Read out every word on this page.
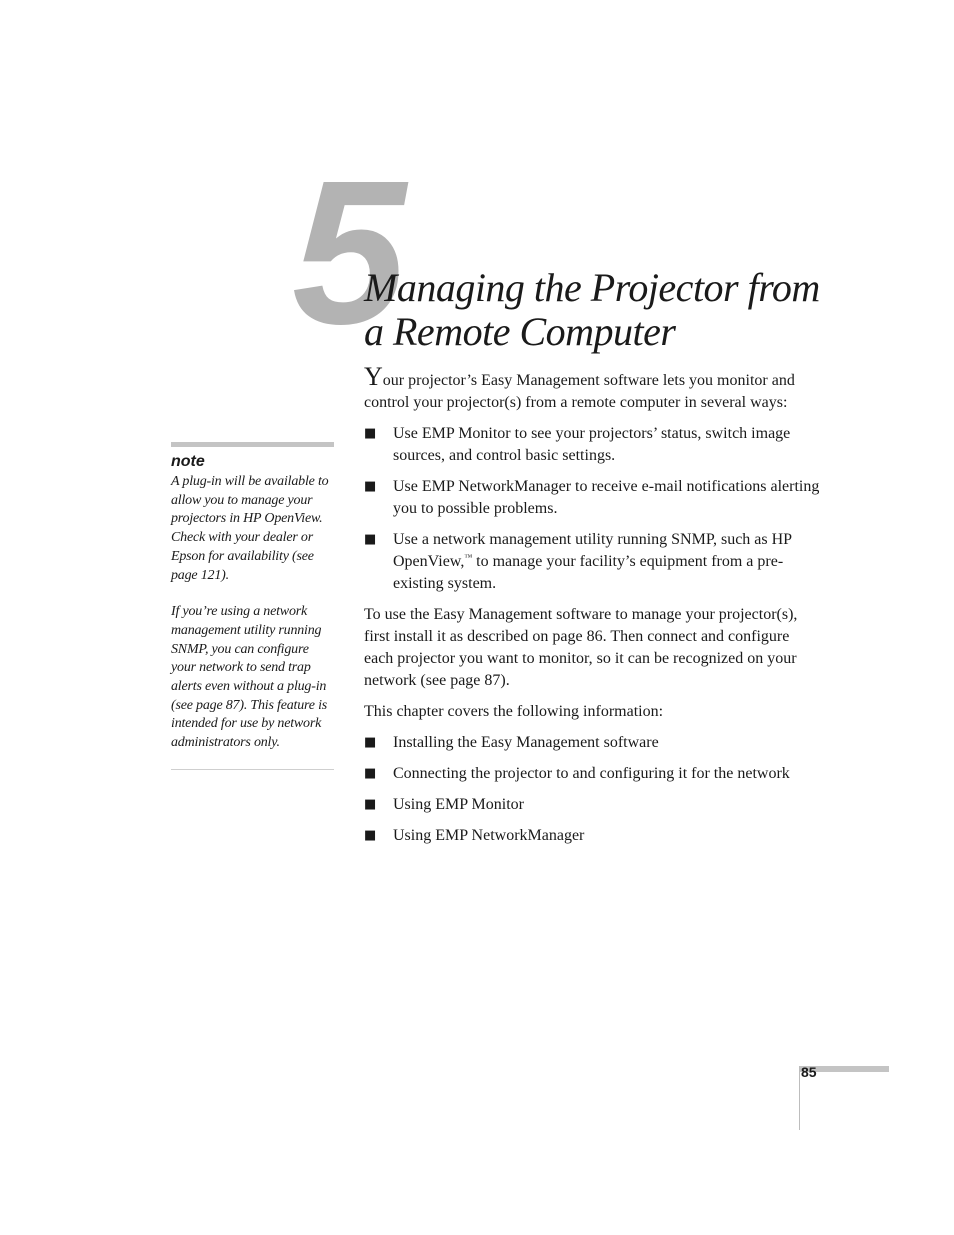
5
Managing the Projector from
a Remote Computer

note

A plug-in will be available to allow you to manage your projectors in HP OpenView. Check with your dealer or Epson for availability (see page 121).

If you’re using a network management utility running SNMP, you can configure your network to send trap alerts even without a plug-in (see page 87). This feature is intended for use by network administrators only.

Your projector’s Easy Management software lets you monitor and control your projector(s) from a remote computer in several ways:

■ Use EMP Monitor to see your projectors’ status, switch image sources, and control basic settings.
■ Use EMP NetworkManager to receive e-mail notifications alerting you to possible problems.
■ Use a network management utility running SNMP, such as HP OpenView,™ to manage your facility’s equipment from a pre-existing system.

To use the Easy Management software to manage your projector(s), first install it as described on page 86. Then connect and configure each projector you want to monitor, so it can be recognized on your network (see page 87).

This chapter covers the following information:

■ Installing the Easy Management software
■ Connecting the projector to and configuring it for the network
■ Using EMP Monitor
■ Using EMP NetworkManager
85
